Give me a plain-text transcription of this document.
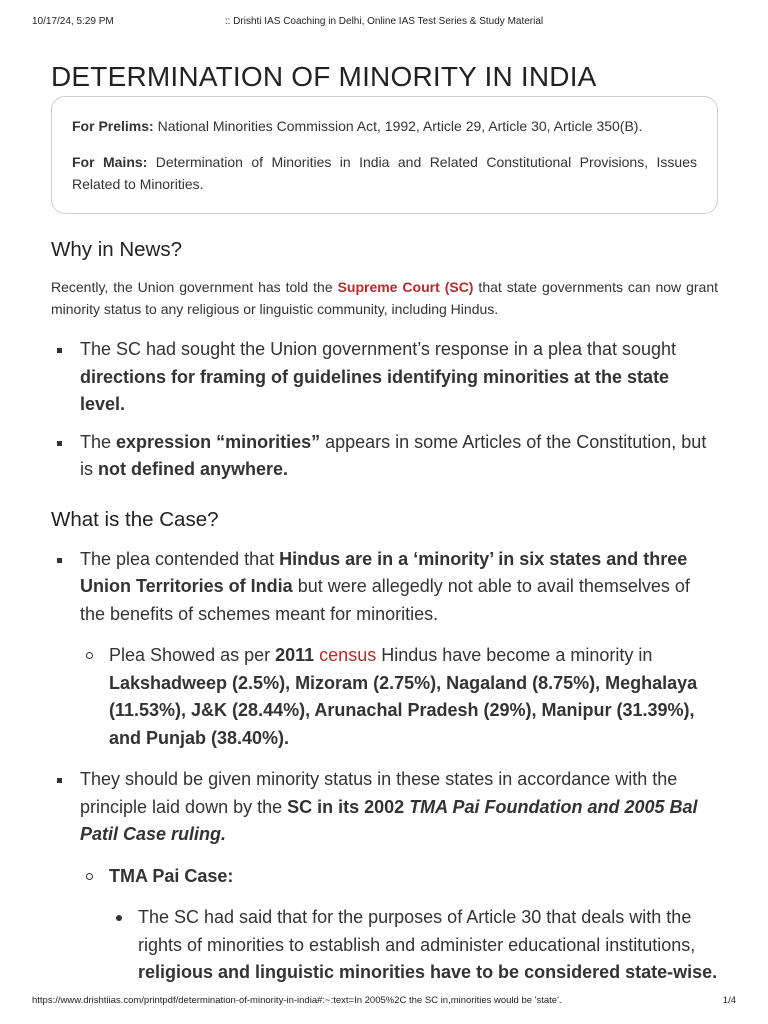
10/17/24, 5:29 PM	:: Drishti IAS Coaching in Delhi, Online IAS Test Series & Study Material
DETERMINATION OF MINORITY IN INDIA

For Prelims: National Minorities Commission Act, 1992, Article 29, Article 30, Article 350(B).

For Mains: Determination of Minorities in India and Related Constitutional Provisions, Issues Related to Minorities.

Why in News?

Recently, the Union government has told the Supreme Court (SC) that state governments can now grant minority status to any religious or linguistic community, including Hindus.

The SC had sought the Union government’s response in a plea that sought directions for framing of guidelines identifying minorities at the state level.
The expression “minorities” appears in some Articles of the Constitution, but is not defined anywhere.
What is the Case?
The plea contended that Hindus are in a ‘minority’ in six states and three Union Territories of India but were allegedly not able to avail themselves of the benefits of schemes meant for minorities.
Plea Showed as per 2011 census Hindus have become a minority in Lakshadweep (2.5%), Mizoram (2.75%), Nagaland (8.75%), Meghalaya (11.53%), J&K (28.44%), Arunachal Pradesh (29%), Manipur (31.39%), and Punjab (38.40%).
They should be given minority status in these states in accordance with the principle laid down by the SC in its 2002 TMA Pai Foundation and 2005 Bal Patil Case ruling.
TMA Pai Case:
The SC had said that for the purposes of Article 30 that deals with the rights of minorities to establish and administer educational institutions, religious and linguistic minorities have to be considered state-wise.
https://www.drishtiias.com/printpdf/determination-of-minority-in-india#:~:text=In 2005%2C the SC in,minorities would be 'state'.	1/4
